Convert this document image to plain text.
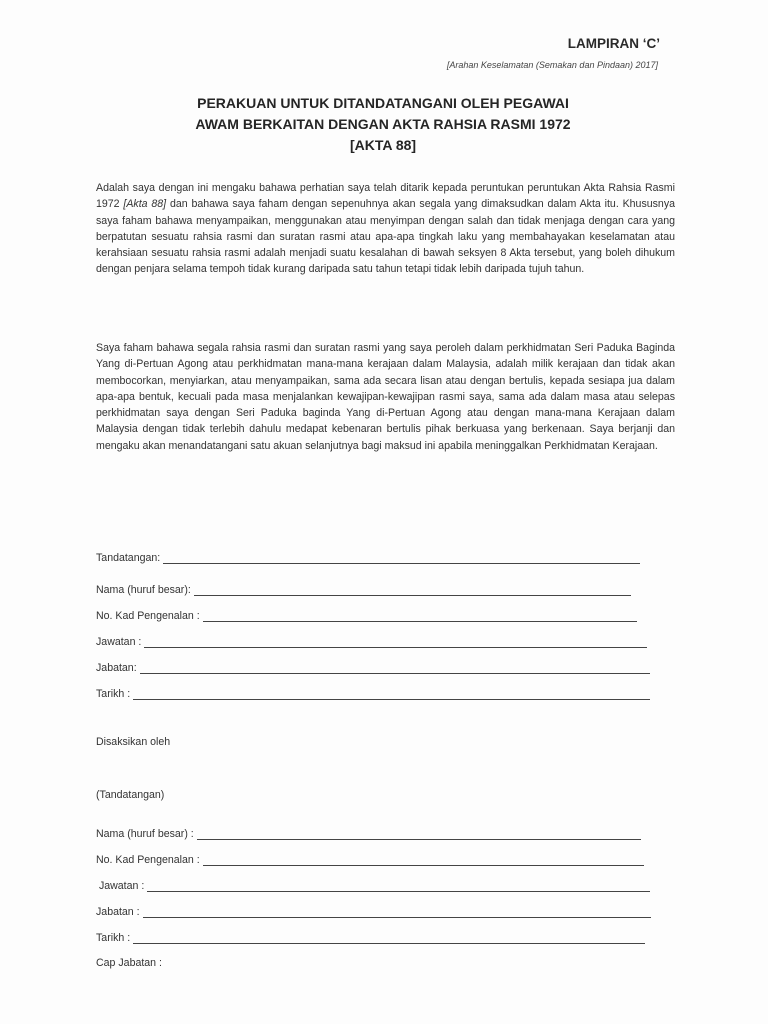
LAMPIRAN ‘C’
[Arahan Keselamatan (Semakan dan Pindaan) 2017]
PERAKUAN UNTUK DITANDATANGANI OLEH PEGAWAI
AWAM BERKAITAN DENGAN AKTA RAHSIA RASMI 1972
[AKTA 88]
Adalah saya dengan ini mengaku bahawa perhatian saya telah ditarik kepada peruntukan peruntukan Akta Rahsia Rasmi 1972 [Akta 88] dan bahawa saya faham dengan sepenuhnya akan segala yang dimaksudkan dalam Akta itu. Khususnya saya faham bahawa menyampaikan, menggunakan atau menyimpan dengan salah dan tidak menjaga dengan cara yang berpatutan sesuatu rahsia rasmi dan suratan rasmi atau apa-apa tingkah laku yang membahayakan keselamatan atau kerahsiaan sesuatu rahsia rasmi adalah menjadi suatu kesalahan di bawah seksyen 8 Akta tersebut, yang boleh dihukum dengan penjara selama tempoh tidak kurang daripada satu tahun tetapi tidak lebih daripada tujuh tahun.
Saya faham bahawa segala rahsia rasmi dan suratan rasmi yang saya peroleh dalam perkhidmatan Seri Paduka Baginda Yang di-Pertuan Agong atau perkhidmatan mana-mana kerajaan dalam Malaysia, adalah milik kerajaan dan tidak akan membocorkan, menyiarkan, atau menyampaikan, sama ada secara lisan atau dengan bertulis, kepada sesiapa jua dalam apa-apa bentuk, kecuali pada masa menjalankan kewajipan-kewajipan rasmi saya, sama ada dalam masa atau selepas perkhidmatan saya dengan Seri Paduka baginda Yang di-Pertuan Agong atau dengan mana-mana Kerajaan dalam Malaysia dengan tidak terlebih dahulu medapat kebenaran bertulis pihak berkuasa yang berkenaan. Saya berjanji dan mengaku akan menandatangani satu akuan selanjutnya bagi maksud ini apabila meninggalkan Perkhidmatan Kerajaan.
Tandatangan:
Nama (huruf besar):
No. Kad Pengenalan :
Jawatan :
Jabatan:
Tarikh :
Disaksikan oleh
(Tandatangan)
Nama (huruf besar) :
No. Kad Pengenalan :
Jawatan :
Jabatan :
Tarikh :
Cap Jabatan :
